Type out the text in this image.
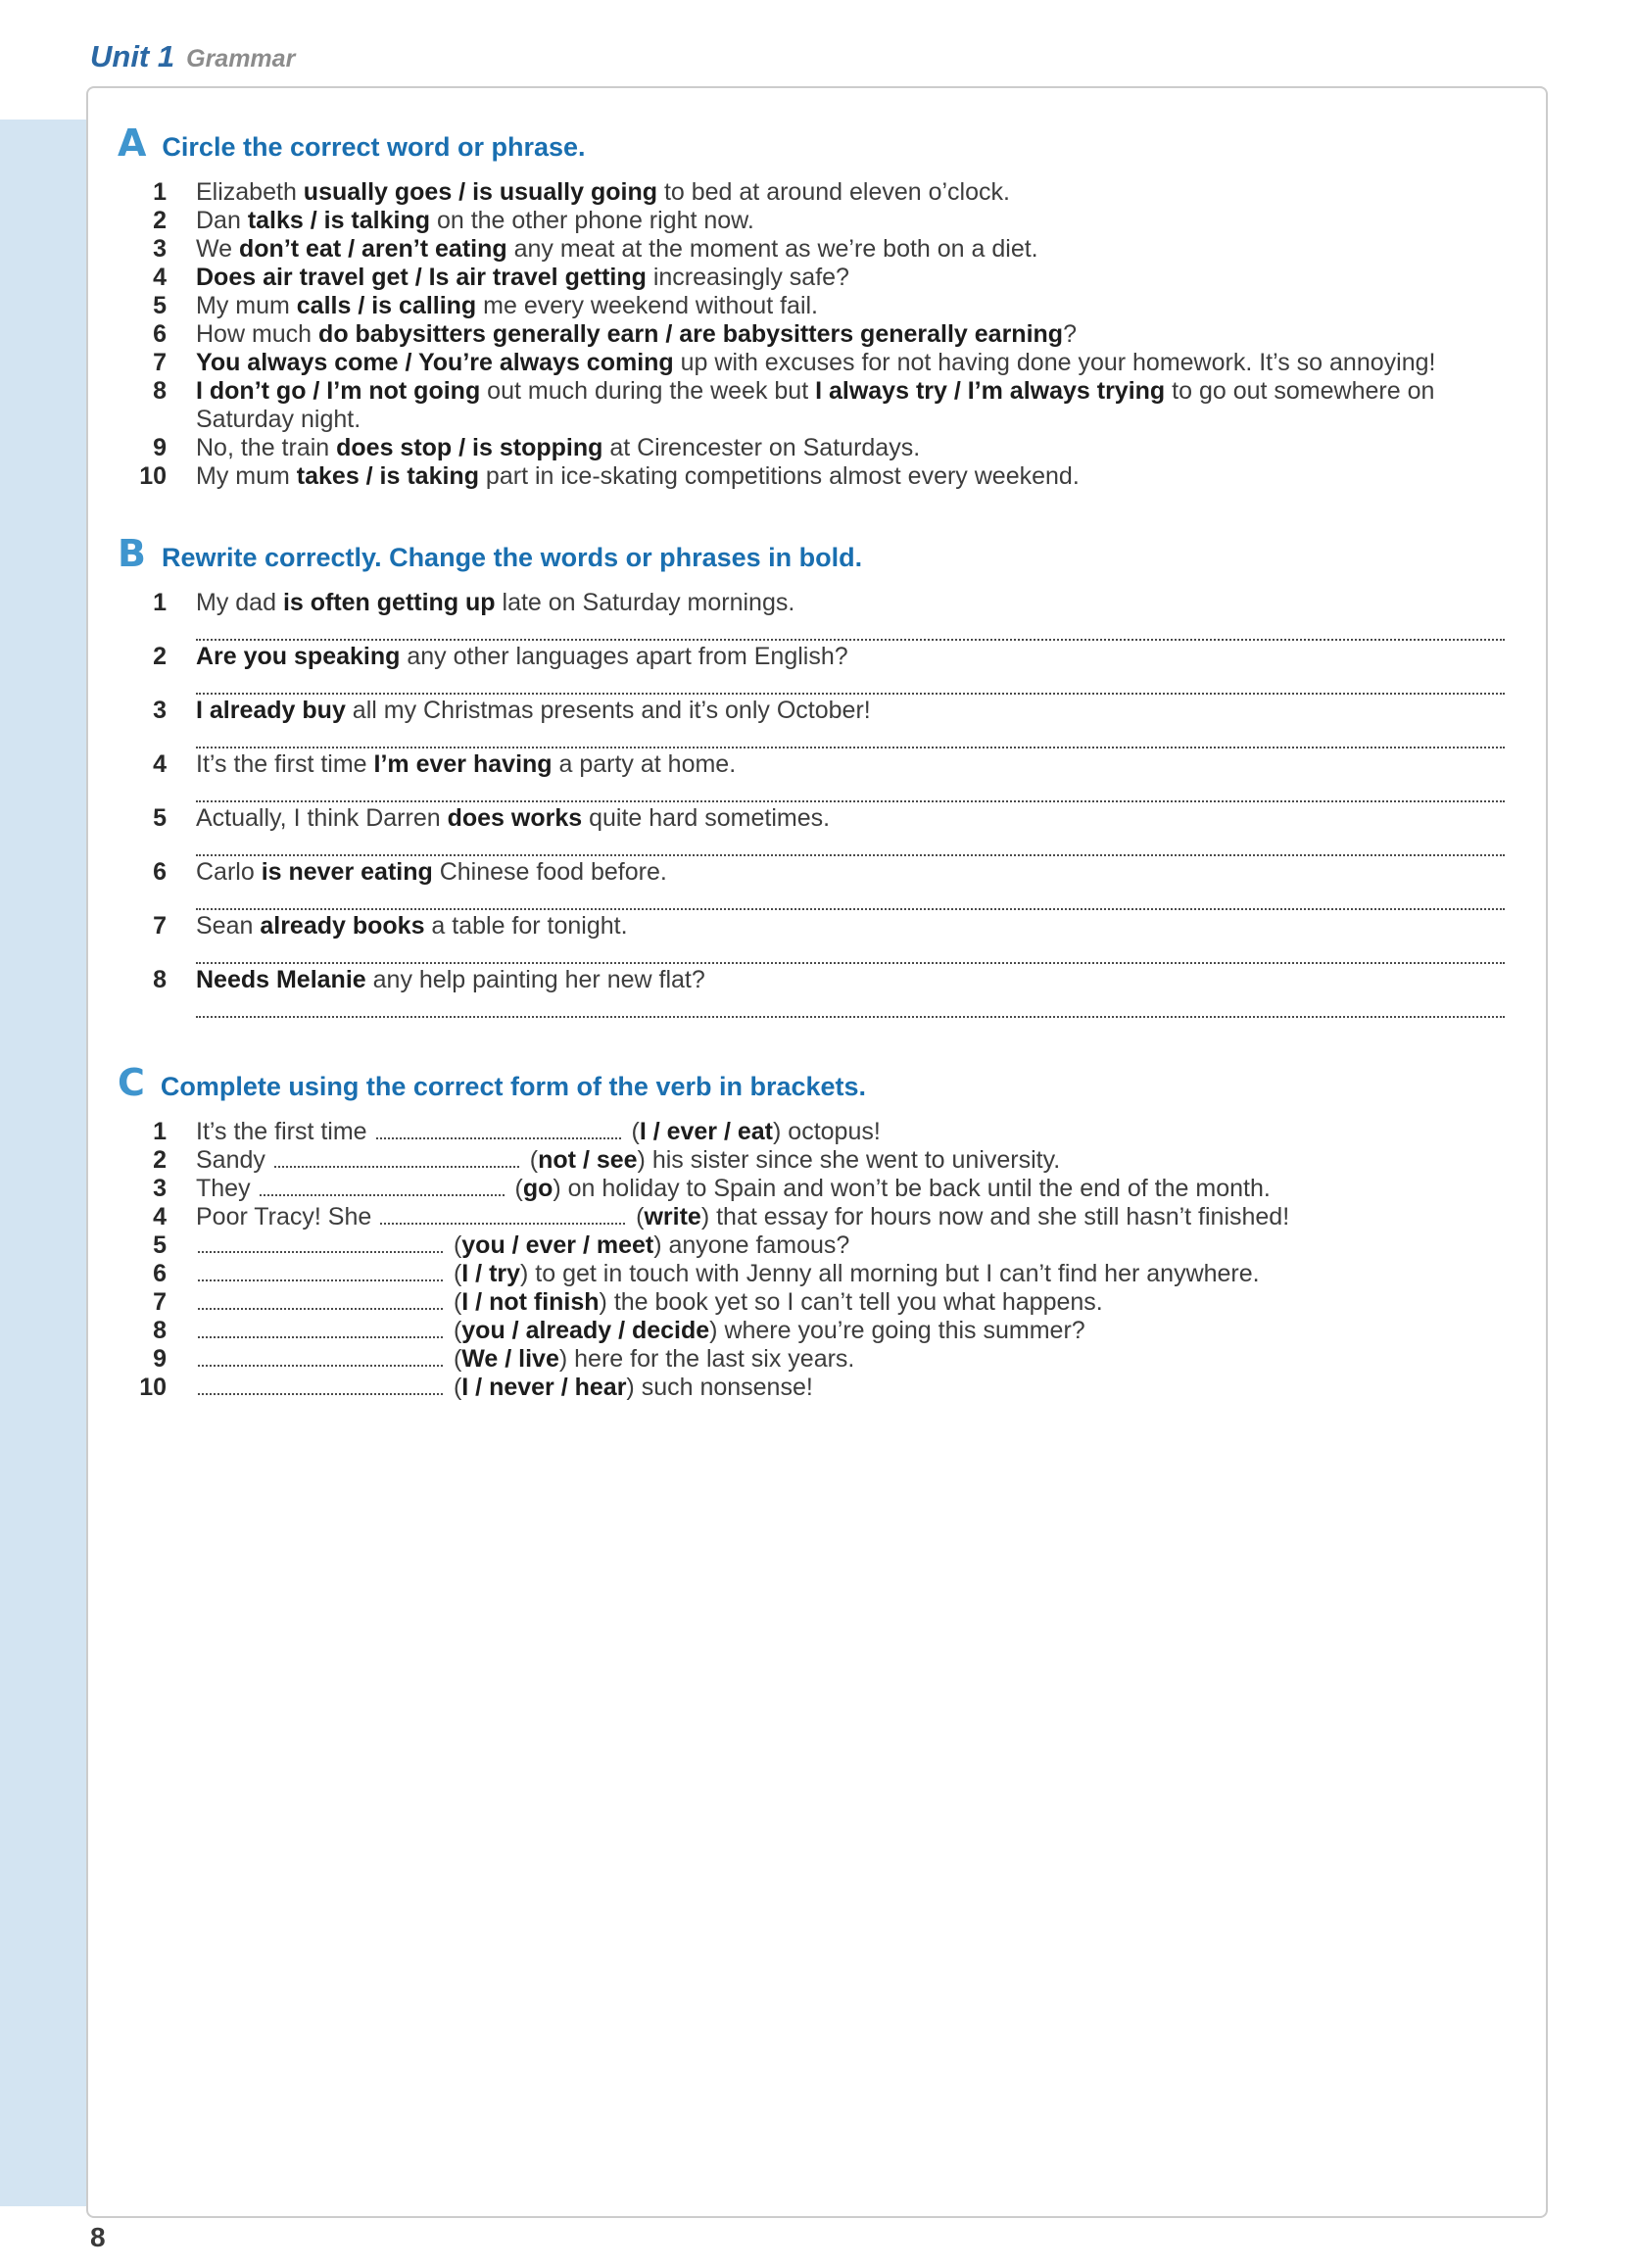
Unit 1 Grammar
A Circle the correct word or phrase.
1 Elizabeth usually goes / is usually going to bed at around eleven o’clock.
2 Dan talks / is talking on the other phone right now.
3 We don’t eat / aren’t eating any meat at the moment as we’re both on a diet.
4 Does air travel get / Is air travel getting increasingly safe?
5 My mum calls / is calling me every weekend without fail.
6 How much do babysitters generally earn / are babysitters generally earning?
7 You always come / You’re always coming up with excuses for not having done your homework. It’s so annoying!
8 I don’t go / I’m not going out much during the week but I always try / I’m always trying to go out somewhere on Saturday night.
9 No, the train does stop / is stopping at Cirencester on Saturdays.
10 My mum takes / is taking part in ice-skating competitions almost every weekend.
B Rewrite correctly. Change the words or phrases in bold.
1 My dad is often getting up late on Saturday mornings.
2 Are you speaking any other languages apart from English?
3 I already buy all my Christmas presents and it’s only October!
4 It’s the first time I’m ever having a party at home.
5 Actually, I think Darren does works quite hard sometimes.
6 Carlo is never eating Chinese food before.
7 Sean already books a table for tonight.
8 Needs Melanie any help painting her new flat?
C Complete using the correct form of the verb in brackets.
1 It’s the first time	(I / ever / eat) octopus!
2 Sandy	(not / see) his sister since she went to university.
3 They	(go) on holiday to Spain and won’t be back until the end of the month.
4 Poor Tracy! She	(write) that essay for hours now and she still hasn’t finished!
5	(you / ever / meet) anyone famous?
6	(I / try) to get in touch with Jenny all morning but I can’t find her anywhere.
7	(I / not finish) the book yet so I can’t tell you what happens.
8	(you / already / decide) where you’re going this summer?
9	(We / live) here for the last six years.
10	(I / never / hear) such nonsense!
8
